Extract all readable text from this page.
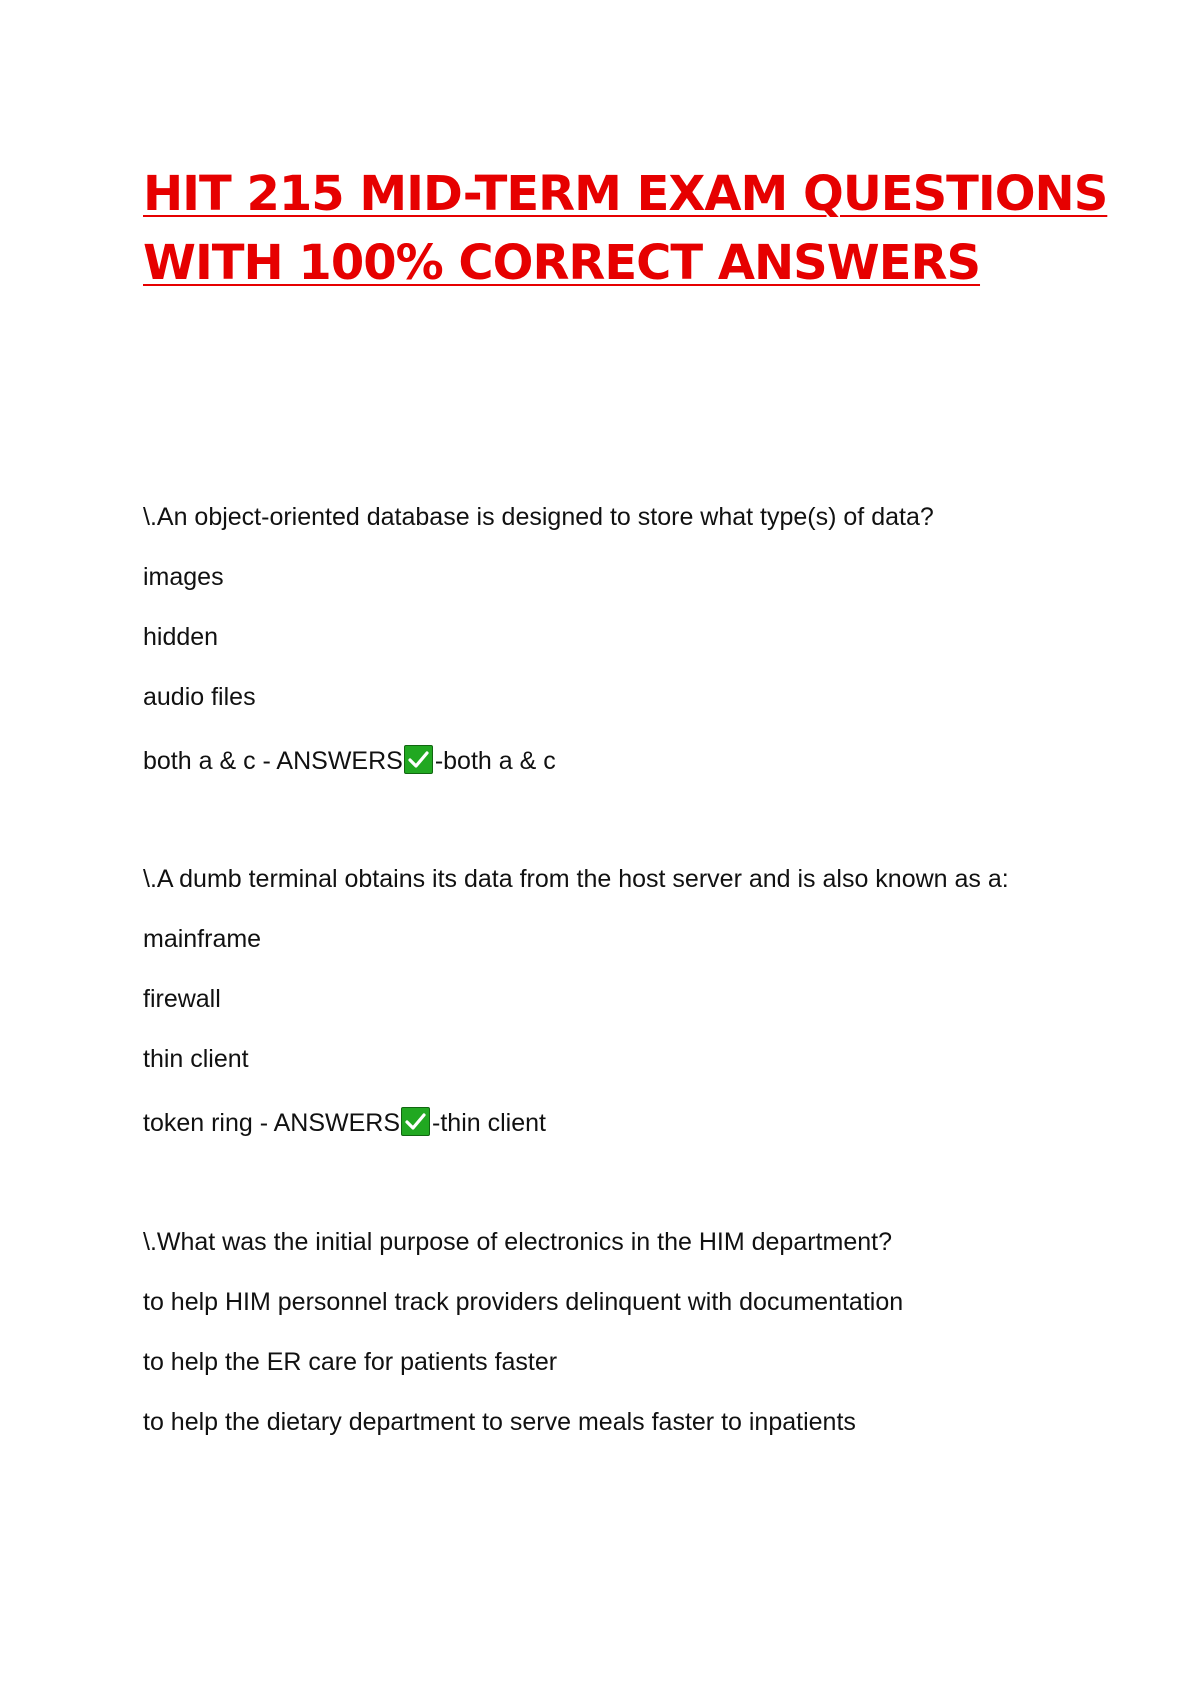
HIT 215 MID-TERM EXAM QUESTIONS
WITH 100% CORRECT ANSWERS
\.An object-oriented database is designed to store what type(s) of data?
images
hidden
audio files
both a & c - ANSWERS -both a & c
\.A dumb terminal obtains its data from the host server and is also known as a:
mainframe
firewall
thin client
token ring - ANSWERS -thin client
\.What was the initial purpose of electronics in the HIM department?
to help HIM personnel track providers delinquent with documentation
to help the ER care for patients faster
to help the dietary department to serve meals faster to inpatients
